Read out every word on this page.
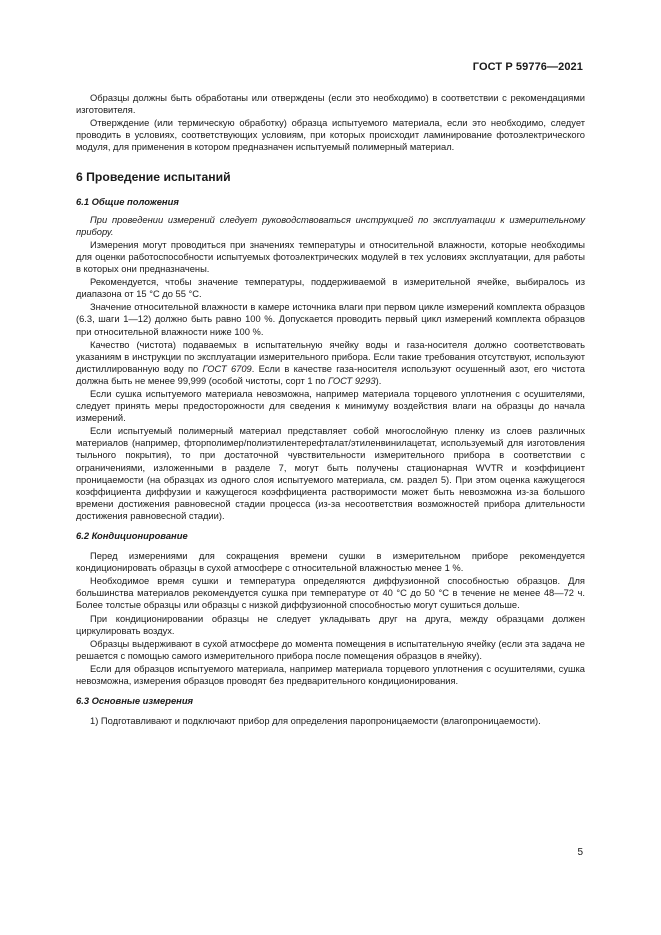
ГОСТ Р 59776—2021

Образцы должны быть обработаны или отверждены (если это необходимо) в соответствии с рекомендациями изготовителя.

Отверждение (или термическую обработку) образца испытуемого материала, если это необходимо, следует проводить в условиях, соответствующих условиям, при которых происходит ламинирование фотоэлектрического модуля, для применения в котором предназначен испытуемый полимерный материал.

6 Проведение испытаний
6.1 Общие положения

При проведении измерений следует руководствоваться инструкцией по эксплуатации к измерительному прибору.

Измерения могут проводиться при значениях температуры и относительной влажности, которые необходимы для оценки работоспособности испытуемых фотоэлектрических модулей в тех условиях эксплуатации, для работы в которых они предназначены.

Рекомендуется, чтобы значение температуры, поддерживаемой в измерительной ячейке, выбиралось из диапазона от 15 °C до 55 °C.

Значение относительной влажности в камере источника влаги при первом цикле измерений комплекта образцов (6.3, шаги 1—12) должно быть равно 100 %. Допускается проводить первый цикл измерений комплекта образцов при относительной влажности ниже 100 %.

Качество (чистота) подаваемых в испытательную ячейку воды и газа-носителя должно соответствовать указаниям в инструкции по эксплуатации измерительного прибора. Если такие требования отсутствуют, используют дистиллированную воду по ГОСТ 6709. Если в качестве газа-носителя используют осушенный азот, его чистота должна быть не менее 99,999 (особой чистоты, сорт 1 по ГОСТ 9293).

Если сушка испытуемого материала невозможна, например материала торцевого уплотнения с осушителями, следует принять меры предосторожности для сведения к минимуму воздействия влаги на образцы до начала измерений.

Если испытуемый полимерный материал представляет собой многослойную пленку из слоев различных материалов (например, фторполимер/полиэтилентерефталат/этиленвинилацетат, используемый для изготовления тыльного покрытия), то при достаточной чувствительности измерительного прибора в соответствии с ограничениями, изложенными в разделе 7, могут быть получены стационарная WVTR и коэффициент проницаемости (на образцах из одного слоя испытуемого материала, см. раздел 5). При этом оценка кажущегося коэффициента диффузии и кажущегося коэффициента растворимости может быть невозможна из-за большого времени достижения равновесной стадии процесса (из-за несоответствия возможностей прибора длительности достижения равновесной стадии).

6.2 Кондиционирование

Перед измерениями для сокращения времени сушки в измерительном приборе рекомендуется кондиционировать образцы в сухой атмосфере с относительной влажностью менее 1 %.

Необходимое время сушки и температура определяются диффузионной способностью образцов. Для большинства материалов рекомендуется сушка при температуре от 40 °C до 50 °C в течение не менее 48—72 ч. Более толстые образцы или образцы с низкой диффузионной способностью могут сушиться дольше.

При кондиционировании образцы не следует укладывать друг на друга, между образцами должен циркулировать воздух.

Образцы выдерживают в сухой атмосфере до момента помещения в испытательную ячейку (если эта задача не решается с помощью самого измерительного прибора после помещения образцов в ячейку).

Если для образцов испытуемого материала, например материала торцевого уплотнения с осушителями, сушка невозможна, измерения образцов проводят без предварительного кондиционирования.

6.3 Основные измерения

1) Подготавливают и подключают прибор для определения паропроницаемости (влагопроницаемости).

5
